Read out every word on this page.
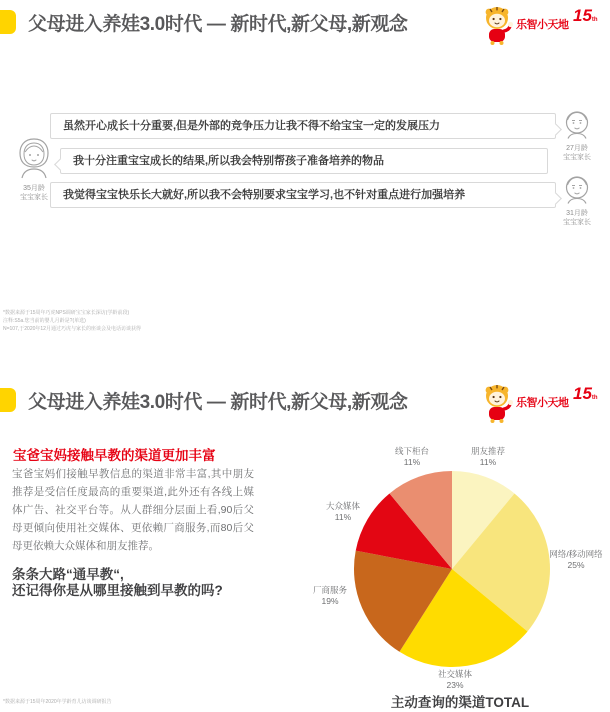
父母进入养娃3.0时代 — 新时代,新父母,新观念	乐智小天地 15th
35月龄
宝宝家长
虽然开心成长十分重要,但是外部的竞争压力让我不得不给宝宝一定的发展压力
我十分注重宝宝成长的结果,所以我会特别帮孩子准备培养的物品
我觉得宝宝快乐长大就好,所以我不会特别要求宝宝学习,也不针对重点进行加强培养
27月龄
宝宝家长
31月龄
宝宝家长
*数据来源于15周年巧虎NPS调研宝宝家长深访(学龄前段)
注释:S5a.您当前的婴儿月龄是?(单选)
N=107,于2020年12月通过巧虎与家长的座谈会及电话访谈获得
父母进入养娃3.0时代 — 新时代,新父母,新观念	乐智小天地 15th
宝爸宝妈接触早教的渠道更加丰富
宝爸宝妈们接触早教信息的渠道非常丰富,其中朋友推荐是受信任度最高的重要渠道,此外还有各线上媒体广告、社交平台等。从人群细分层面上看,90后父母更倾向使用社交媒体、更依赖厂商服务,而80后父母更依赖大众媒体和朋友推荐。
条条大路“通早教“,
还记得你是从哪里接触到早教的吗?
朋友推荐
11%
网络/移动网络
25%
社交媒体
23%
厂商服务
19%
大众媒体
11%
线下柜台
11%
主动查询的渠道TOTAL
*数据来源于15周年2020年学龄育儿访谈调研报告
